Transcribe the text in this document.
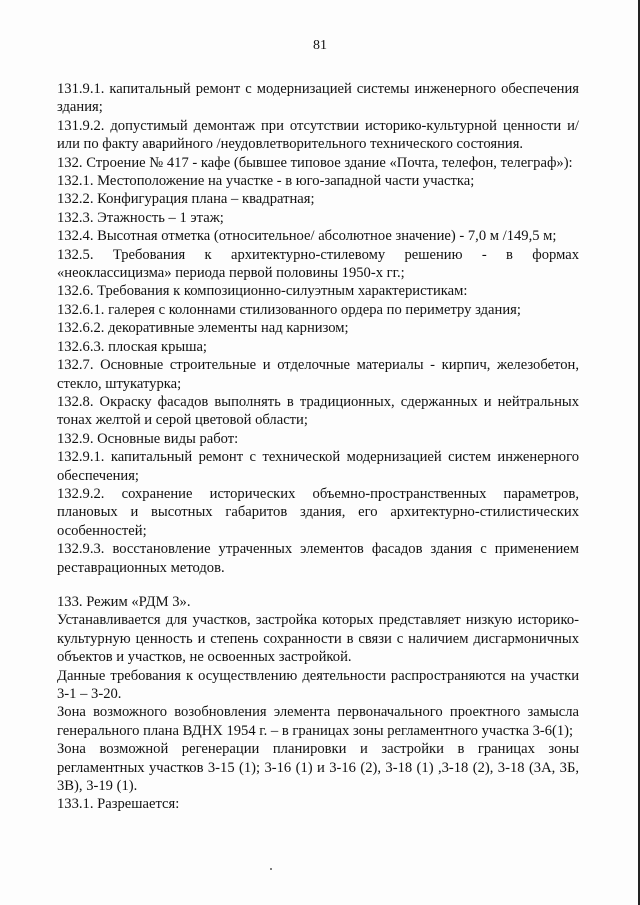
81

131.9.1. капитальный ремонт с модернизацией системы инженерного обеспечения здания;

131.9.2. допустимый демонтаж при отсутствии историко-культурной ценности и/или по факту аварийного /неудовлетворительного технического состояния.

132. Строение № 417 - кафе (бывшее типовое здание «Почта, телефон, телеграф»):

132.1. Местоположение на участке - в юго-западной части участка;

132.2. Конфигурация плана – квадратная;

132.3. Этажность – 1 этаж;

132.4. Высотная отметка (относительное/ абсолютное значение) - 7,0 м /149,5 м;

132.5. Требования к архитектурно-стилевому решению - в формах «неоклассицизма» периода первой половины 1950-х гг.;

132.6. Требования к композиционно-силуэтным характеристикам:

132.6.1. галерея с колоннами стилизованного ордера по периметру здания;

132.6.2. декоративные элементы над карнизом;

132.6.3. плоская крыша;

132.7. Основные строительные и отделочные материалы - кирпич, железобетон, стекло, штукатурка;

132.8. Окраску фасадов выполнять в традиционных, сдержанных и нейтральных тонах желтой и серой цветовой области;

132.9. Основные виды работ:

132.9.1. капитальный ремонт с технической модернизацией систем инженерного обеспечения;

132.9.2. сохранение исторических объемно-пространственных параметров, плановых и высотных габаритов здания, его архитектурно-стилистических особенностей;

132.9.3. восстановление утраченных элементов фасадов здания с применением реставрационных методов.

133. Режим «РДМ 3».

Устанавливается для участков, застройка которых представляет низкую историко-культурную ценность и степень сохранности в связи с наличием дисгармоничных объектов и участков, не освоенных застройкой.

Данные требования к осуществлению деятельности распространяются на участки 3-1 – 3-20.

Зона возможного возобновления элемента первоначального проектного замысла генерального плана ВДНХ 1954 г. – в границах зоны регламентного участка 3-6(1);

Зона возможной регенерации планировки и застройки в границах зоны регламентных участков 3-15 (1); 3-16 (1) и 3-16 (2), 3-18 (1) ,3-18 (2), 3-18 (3А, 3Б, 3В), 3-19 (1).

133.1. Разрешается:
